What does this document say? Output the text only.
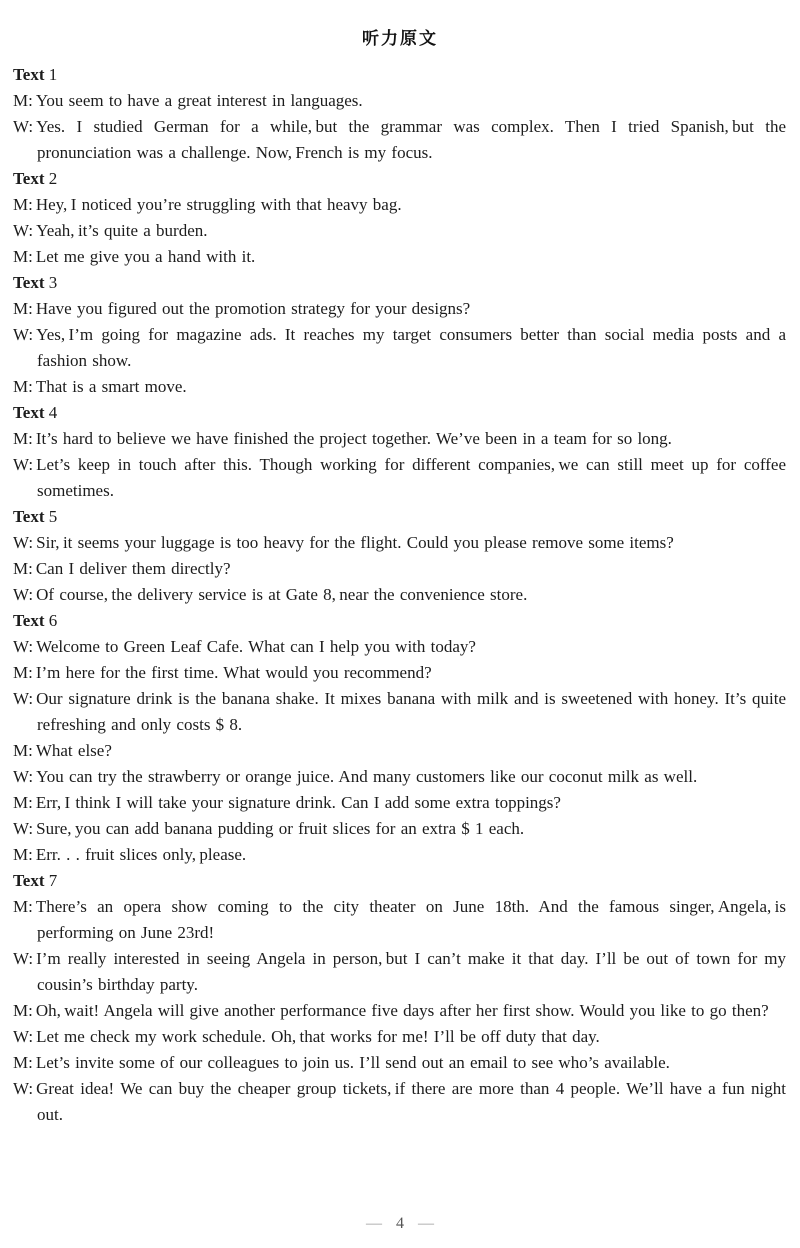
听力原文
Text 1
M: You seem to have a great interest in languages.
W: Yes. I studied German for a while, but the grammar was complex. Then I tried Spanish, but the pronunciation was a challenge. Now, French is my focus.
Text 2
M: Hey, I noticed you’re struggling with that heavy bag.
W: Yeah, it’s quite a burden.
M: Let me give you a hand with it.
Text 3
M: Have you figured out the promotion strategy for your designs?
W: Yes, I’m going for magazine ads. It reaches my target consumers better than social media posts and a fashion show.
M: That is a smart move.
Text 4
M: It’s hard to believe we have finished the project together. We’ve been in a team for so long.
W: Let’s keep in touch after this. Though working for different companies, we can still meet up for coffee sometimes.
Text 5
W: Sir, it seems your luggage is too heavy for the flight. Could you please remove some items?
M: Can I deliver them directly?
W: Of course, the delivery service is at Gate 8, near the convenience store.
Text 6
W: Welcome to Green Leaf Cafe. What can I help you with today?
M: I’m here for the first time. What would you recommend?
W: Our signature drink is the banana shake. It mixes banana with milk and is sweetened with honey. It’s quite refreshing and only costs $ 8.
M: What else?
W: You can try the strawberry or orange juice. And many customers like our coconut milk as well.
M: Err, I think I will take your signature drink. Can I add some extra toppings?
W: Sure, you can add banana pudding or fruit slices for an extra $ 1 each.
M: Err. . . fruit slices only, please.
Text 7
M: There’s an opera show coming to the city theater on June 18th. And the famous singer, Angela, is performing on June 23rd!
W: I’m really interested in seeing Angela in person, but I can’t make it that day. I’ll be out of town for my cousin’s birthday party.
M: Oh, wait! Angela will give another performance five days after her first show. Would you like to go then?
W: Let me check my work schedule. Oh, that works for me! I’ll be off duty that day.
M: Let’s invite some of our colleagues to join us. I’ll send out an email to see who’s available.
W: Great idea! We can buy the cheaper group tickets, if there are more than 4 people. We’ll have a fun night out.
— 4 —
